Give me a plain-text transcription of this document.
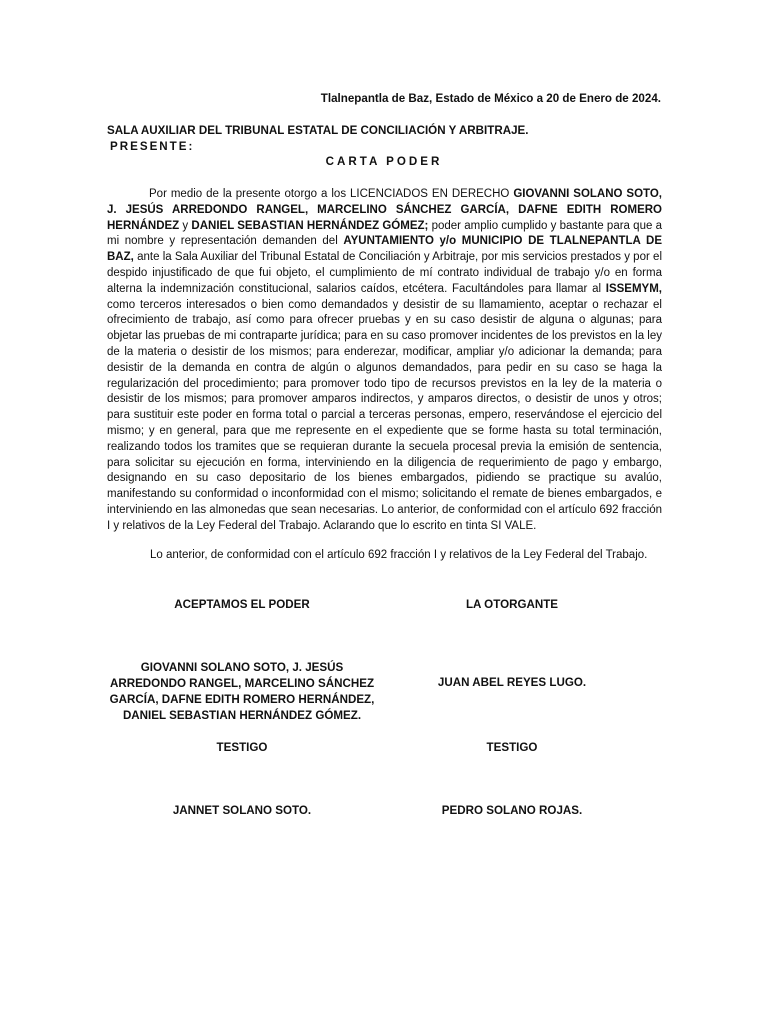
Tlalnepantla de Baz, Estado de México a 20 de Enero de 2024.
SALA AUXILIAR DEL TRIBUNAL ESTATAL DE CONCILIACIÓN Y ARBITRAJE.
PRESENTE:
CARTA PODER
Por medio de la presente otorgo a los LICENCIADOS EN DERECHO GIOVANNI SOLANO SOTO, J. JESÚS ARREDONDO RANGEL, MARCELINO SÁNCHEZ GARCÍA, DAFNE EDITH ROMERO HERNÁNDEZ y DANIEL SEBASTIAN HERNÁNDEZ GÓMEZ; poder amplio cumplido y bastante para que a mi nombre y representación demanden del AYUNTAMIENTO y/o MUNICIPIO DE TLALNEPANTLA DE BAZ, ante la Sala Auxiliar del Tribunal Estatal de Conciliación y Arbitraje, por mis servicios prestados y por el despido injustificado de que fui objeto, el cumplimiento de mí contrato individual de trabajo y/o en forma alterna la indemnización constitucional, salarios caídos, etcétera. Facultándoles para llamar al ISSEMYM, como terceros interesados o bien como demandados y desistir de su llamamiento, aceptar o rechazar el ofrecimiento de trabajo, así como para ofrecer pruebas y en su caso desistir de alguna o algunas; para objetar las pruebas de mi contraparte jurídica; para en su caso promover incidentes de los previstos en la ley de la materia o desistir de los mismos; para enderezar, modificar, ampliar y/o adicionar la demanda; para desistir de la demanda en contra de algún o algunos demandados, para pedir en su caso se haga la regularización del procedimiento; para promover todo tipo de recursos previstos en la ley de la materia o desistir de los mismos; para promover amparos indirectos, y amparos directos, o desistir de unos y otros; para sustituir este poder en forma total o parcial a terceras personas, empero, reservándose el ejercicio del mismo; y en general, para que me represente en el expediente que se forme hasta su total terminación, realizando todos los tramites que se requieran durante la secuela procesal previa la emisión de sentencia, para solicitar su ejecución en forma, interviniendo en la diligencia de requerimiento de pago y embargo, designando en su caso depositario de los bienes embargados, pidiendo se practique su avalúo, manifestando su conformidad o inconformidad con el mismo; solicitando el remate de bienes embargados, e interviniendo en las almonedas que sean necesarias. Lo anterior, de conformidad con el artículo 692 fracción I y relativos de la Ley Federal del Trabajo. Aclarando que lo escrito en tinta SI VALE.
Lo anterior, de conformidad con el artículo 692 fracción I y relativos de la Ley Federal del Trabajo.
ACEPTAMOS EL PODER	LA OTORGANTE
GIOVANNI SOLANO SOTO, J. JESÚS ARREDONDO RANGEL, MARCELINO SÁNCHEZ GARCÍA, DAFNE EDITH ROMERO HERNÁNDEZ, DANIEL SEBASTIAN HERNÁNDEZ GÓMEZ.
JUAN ABEL REYES LUGO.
TESTIGO	TESTIGO
JANNET SOLANO SOTO.	PEDRO SOLANO ROJAS.
